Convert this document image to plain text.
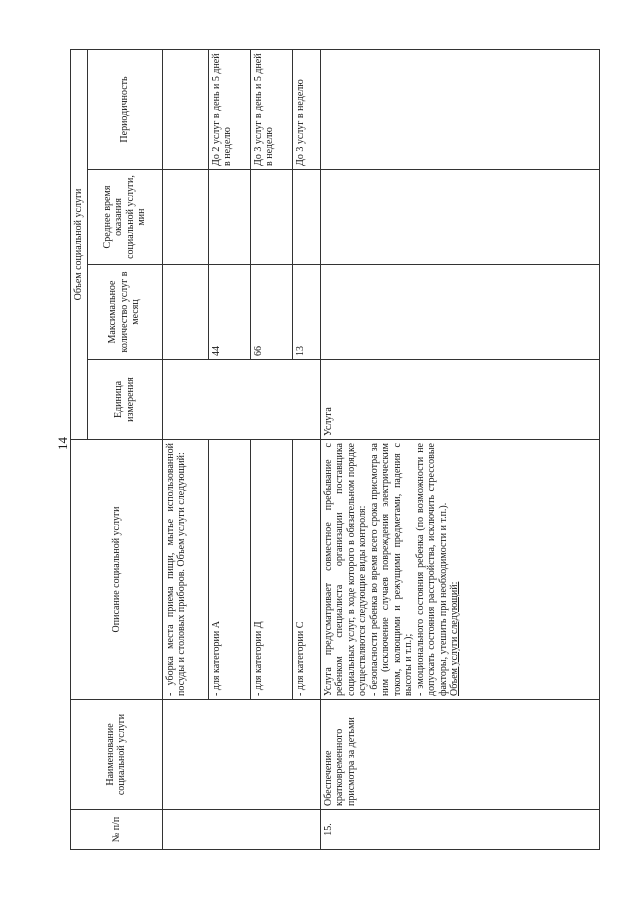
14
№ п/п	Наименование социальной услуги	Описание социальной услуги	Объем социальной услуги			
			Единица измерения	Максимальное количество услуг в месяц	Среднее время оказания социальной услуги, мин	Периодичность
		- уборка места приема пищи, мытье использованной посуды и столовых приборов. Объем услуги следующий:				
		- для категории А		44		До 2 услуг в день и 5 дней в неделю
		- для категории Д		66		До 3 услуг в день и 5 дней в неделю
		- для категории С		13		До 3 услуг в неделю
15.	Обеспечение кратковременного присмотра за детьми	Услуга предусматривает совместное пребывание с ребенком специалиста организации поставщика социальных услуг, в ходе которого в обязательном порядке осуществляются следующие виды контроля: - безопасности ребенка во время всего срока присмотра за ним (исключение случаев повреждения электрическим током, колющими и режущими предметами, падения с высоты и т.п.); - эмоционального состояния ребенка (по возможности не допускать состояния расстройства, исключить стрессовые факторы, утешить при необходимости и т.п.). Объем услуги следующий:	Услуга			
